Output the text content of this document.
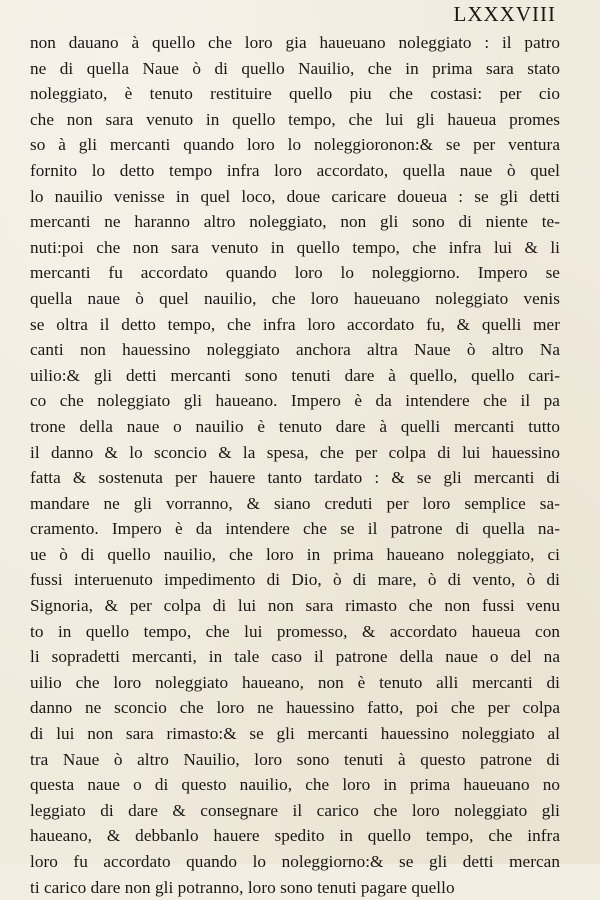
LXXXVIII
non dauano à quello che loro gia haueuano noleggiato : il patro
ne di quella Naue ò di quello Nauilio, che in prima sara stato
noleggiato, è tenuto restituire quello piu che costasi: per cio
che non sara venuto in quello tempo, che lui gli haueua promes
so à gli mercanti quando loro lo noleggioronon:& se per ventura
fornito lo detto tempo infra loro accordato, quella naue ò quel
lo nauilio venisse in quel loco, doue caricare doueua : se gli detti
mercanti ne haranno altro noleggiato, non gli sono di niente te-
nuti:poi che non sara venuto in quello tempo, che infra lui & li
mercanti fu accordato quando loro lo noleggiorno. Impero se
quella naue ò quel nauilio, che loro haueuano noleggiato venis
se oltra il detto tempo, che infra loro accordato fu, & quelli mer
canti non hauessino noleggiato anchora altra Naue ò altro Na
uilio:& gli detti mercanti sono tenuti dare à quello, quello cari-
co che noleggiato gli haueano. Impero è da intendere che il pa
trone della naue o nauilio è tenuto dare à quelli mercanti tutto
il danno & lo sconcio & la spesa, che per colpa di lui hauessino
fatta & sostenuta per hauere tanto tardato : & se gli mercanti di
mandare ne gli vorranno, & siano creduti per loro semplice sa-
cramento. Impero è da intendere che se il patrone di quella na-
ue ò di quello nauilio, che loro in prima haueano noleggiato, ci
fussi interuenuto impedimento di Dio, ò di mare, ò di vento, ò di
Signoria, & per colpa di lui non sara rimasto che non fussi venu
to in quello tempo, che lui promesso, & accordato haueua con
li sopradetti mercanti, in tale caso il patrone della naue o del na
uilio che loro noleggiato haueano, non è tenuto alli mercanti di
danno ne sconcio che loro ne hauessino fatto, poi che per colpa
di lui non sara rimasto:& se gli mercanti hauessino noleggiato al
tra Naue ò altro Nauilio, loro sono tenuti à questo patrone di
questa naue o di questo nauilio, che loro in prima haueuano no
leggiato di dare & consegnare il carico che loro noleggiato gli
haueano, & debbanlo hauere spedito in quello tempo, che infra
loro fu accordato quando lo noleggiorno:& se gli detti mercan
ti carico dare non gli potranno, loro sono tenuti pagare quello
